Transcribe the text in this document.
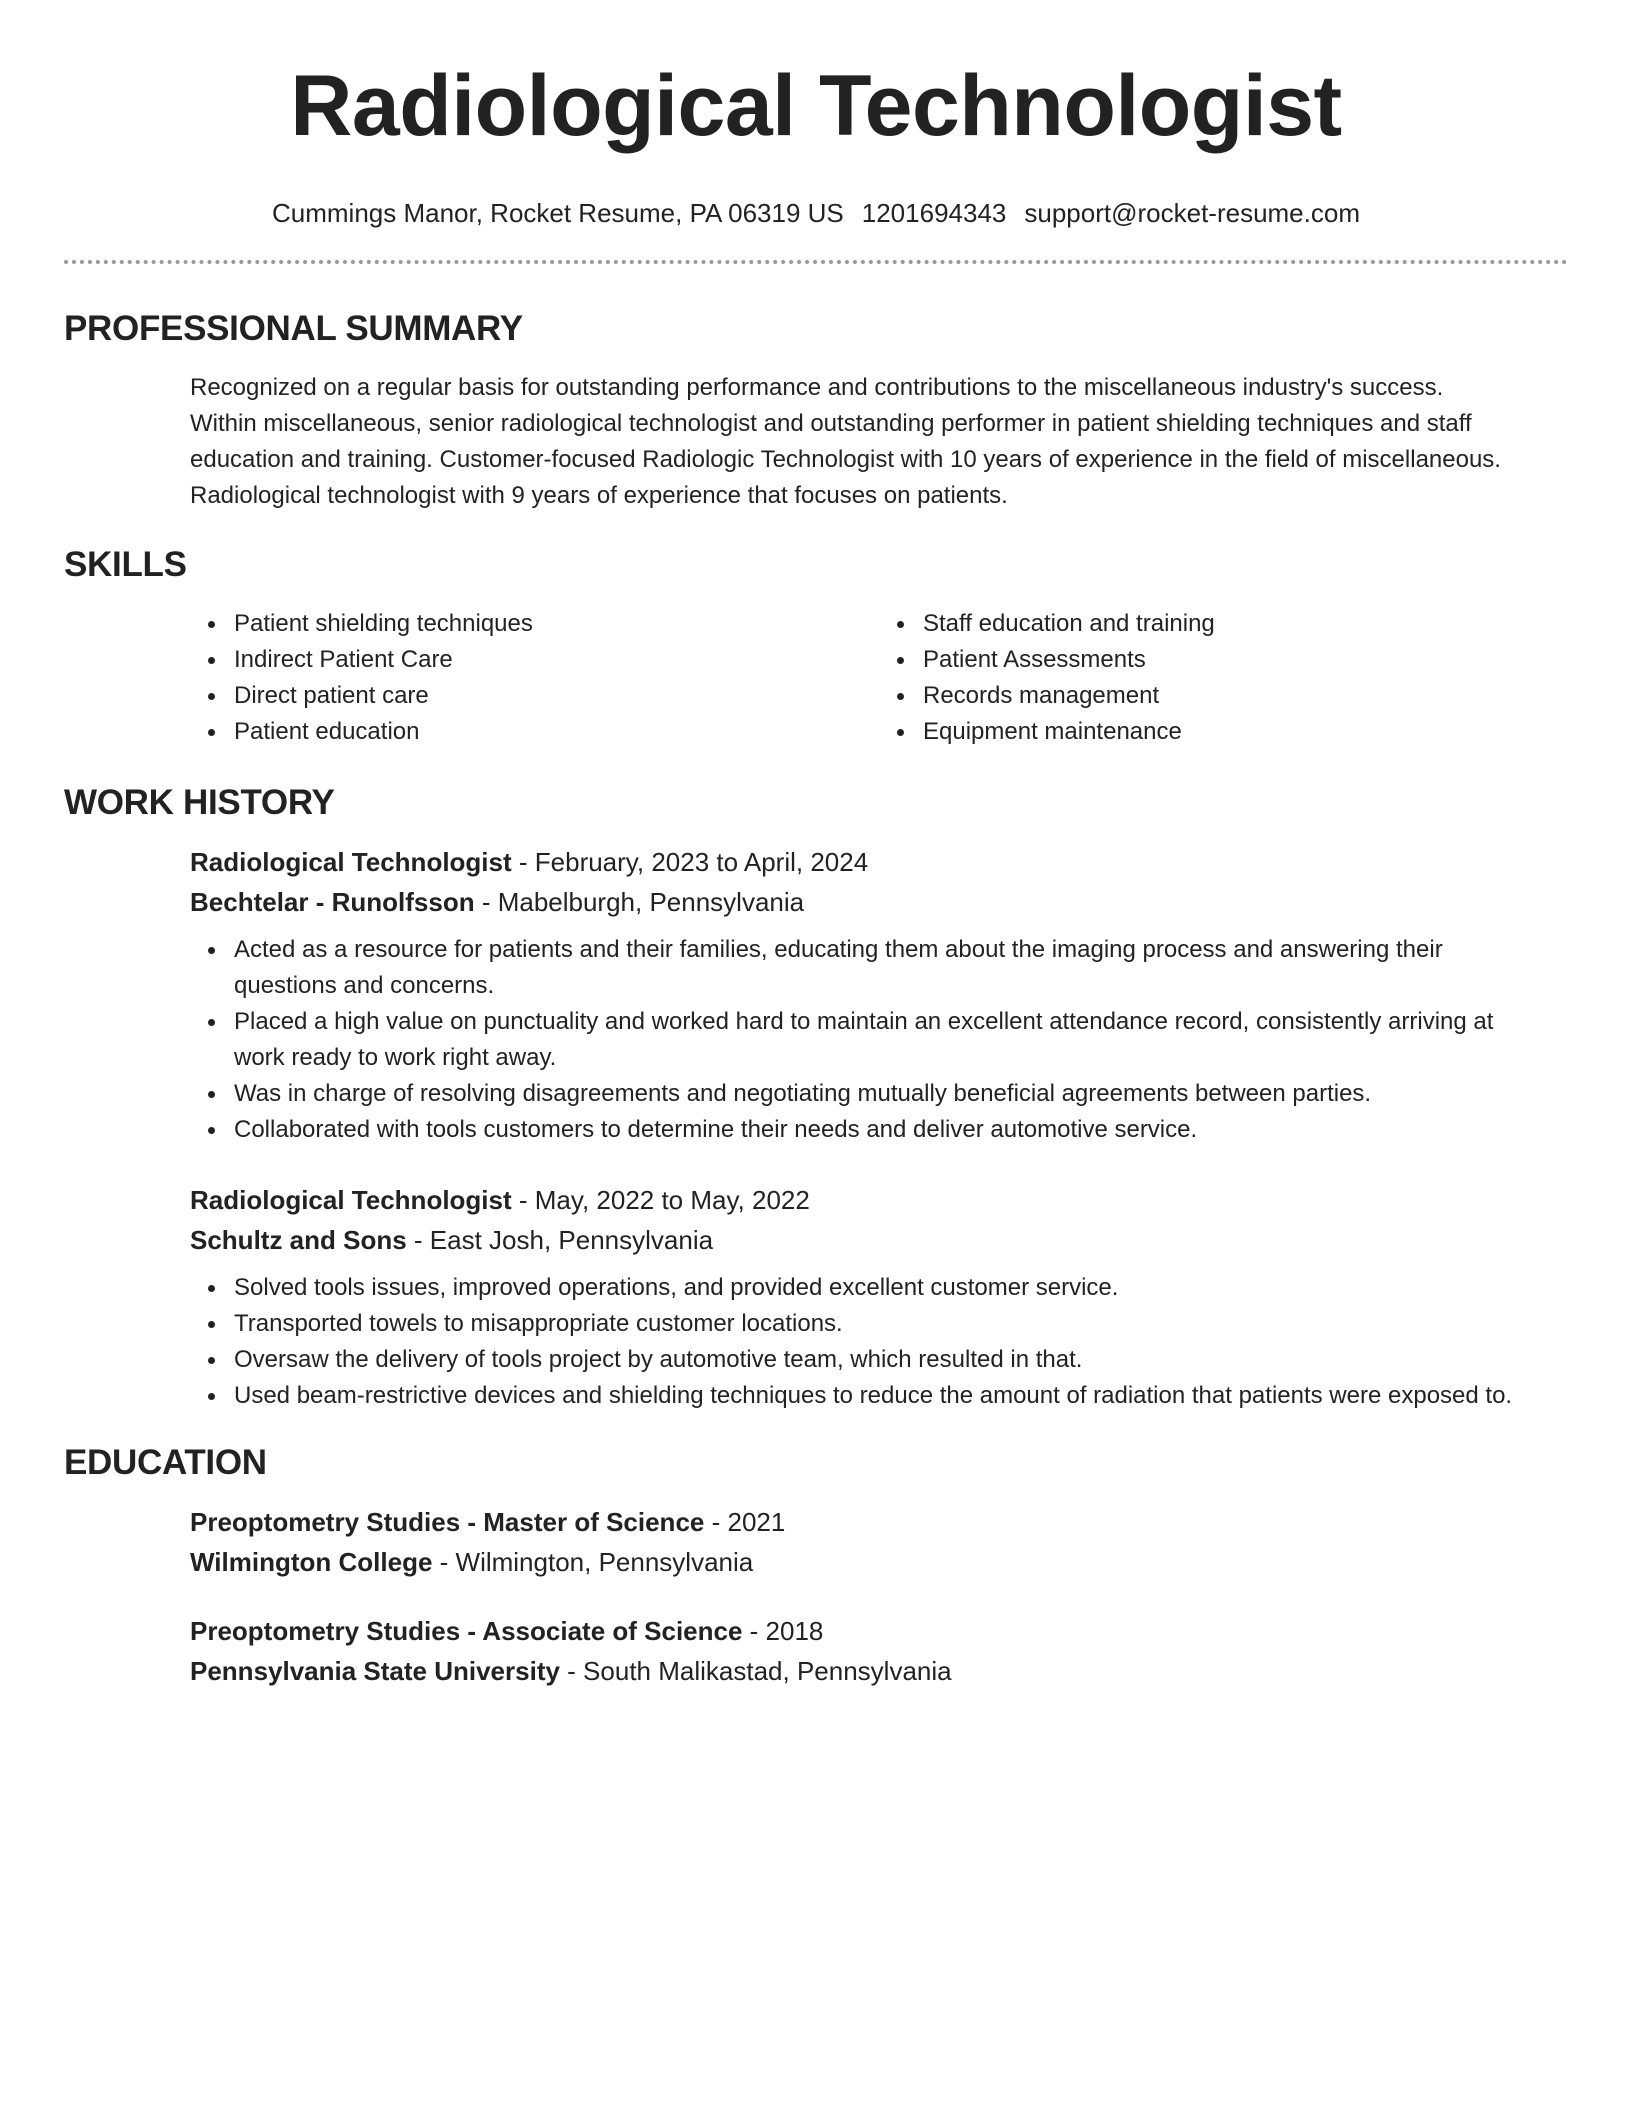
Radiological Technologist
Cummings Manor, Rocket Resume, PA 06319 US 1201694343 support@rocket-resume.com
PROFESSIONAL SUMMARY

Recognized on a regular basis for outstanding performance and contributions to the miscellaneous industry's success.
Within miscellaneous, senior radiological technologist and outstanding performer in patient shielding techniques and staff
education and training. Customer-focused Radiologic Technologist with 10 years of experience in the field of miscellaneous.
Radiological technologist with 9 years of experience that focuses on patients.

SKILLS
Patient shielding techniques
Indirect Patient Care
Direct patient care
Patient education
Staff education and training
Patient Assessments
Records management
Equipment maintenance
WORK HISTORY
Radiological Technologist - February, 2023 to April, 2024
Bechtelar - Runolfsson - Mabelburgh, Pennsylvania
Acted as a resource for patients and their families, educating them about the imaging process and answering their
questions and concerns.
Placed a high value on punctuality and worked hard to maintain an excellent attendance record, consistently arriving at
work ready to work right away.
Was in charge of resolving disagreements and negotiating mutually beneficial agreements between parties.
Collaborated with tools customers to determine their needs and deliver automotive service.
Radiological Technologist - May, 2022 to May, 2022
Schultz and Sons - East Josh, Pennsylvania
Solved tools issues, improved operations, and provided excellent customer service.
Transported towels to misappropriate customer locations.
Oversaw the delivery of tools project by automotive team, which resulted in that.
Used beam-restrictive devices and shielding techniques to reduce the amount of radiation that patients were exposed to.
EDUCATION
Preoptometry Studies - Master of Science - 2021
Wilmington College - Wilmington, Pennsylvania
Preoptometry Studies - Associate of Science - 2018
Pennsylvania State University - South Malikastad, Pennsylvania
